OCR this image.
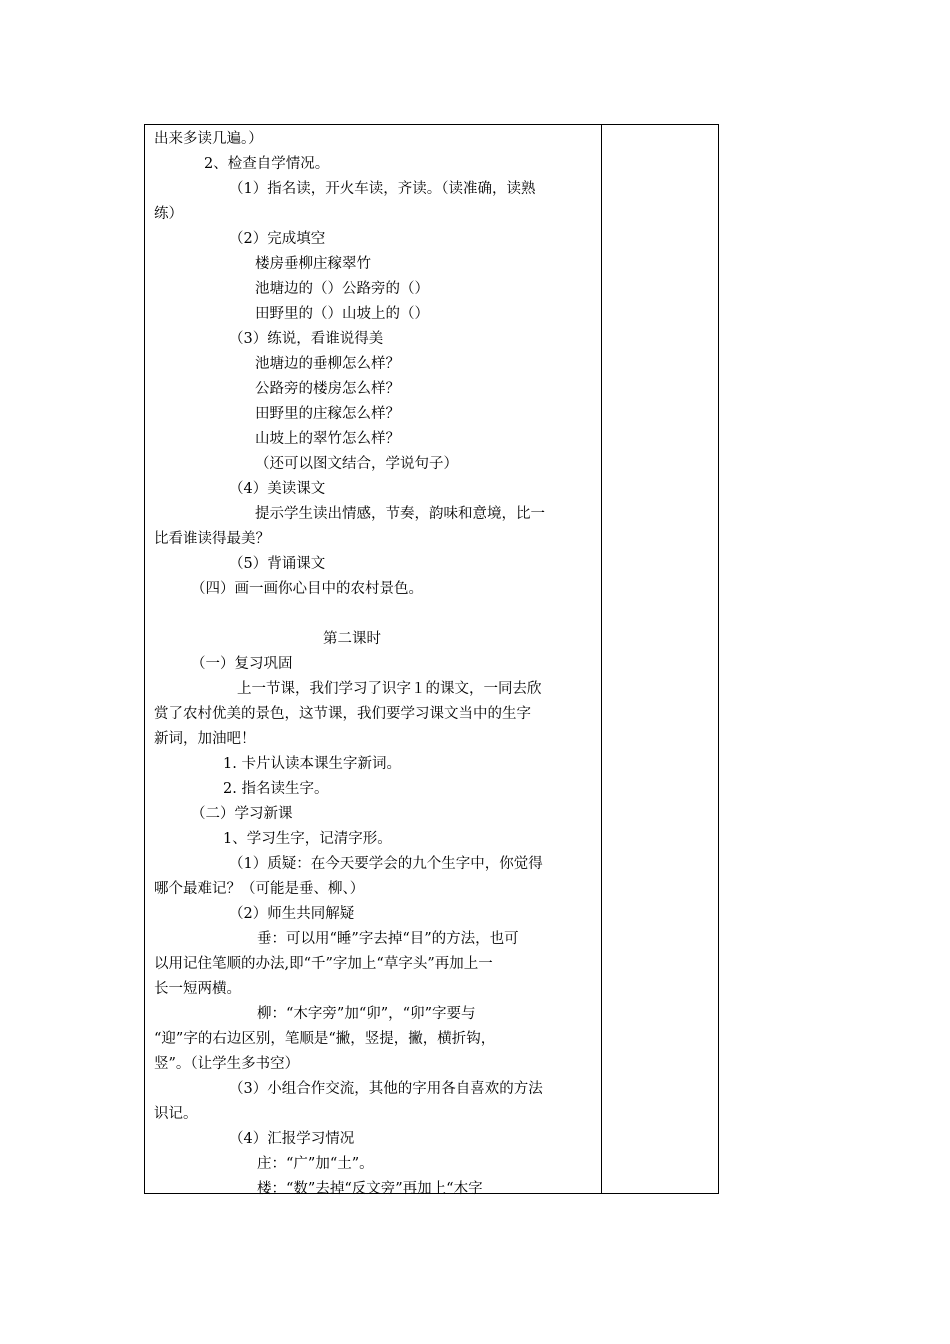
出来多读几遍。）
2、检查自学情况。
（1）指名读，开火车读，齐读。（读准确，读熟
练）
（2）完成填空
楼房垂柳庄稼翠竹
池塘边的（）公路旁的（）
田野里的（）山坡上的（）
（3）练说，看谁说得美
池塘边的垂柳怎么样？
公路旁的楼房怎么样？
田野里的庄稼怎么样？
山坡上的翠竹怎么样？
（还可以图文结合，学说句子）
（4）美读课文
提示学生读出情感，节奏，韵味和意境，比一
比看谁读得最美？
（5）背诵课文
（四）画一画你心目中的农村景色。
第二课时
（一）复习巩固
上一节课，我们学习了识字１的课文，一同去欣
赏了农村优美的景色，这节课，我们要学习课文当中的生字
新词，加油吧！
1. 卡片认读本课生字新词。
2. 指名读生字。
（二）学习新课
1、学习生字，记清字形。
（1）质疑：在今天要学会的九个生字中，你觉得
哪个最难记？（可能是垂、柳、）
（2）师生共同解疑
垂：可以用“睡”字去掉“目”的方法，也可
以用记住笔顺的办法,即“千”字加上“草字头”再加上一
长一短两横。
柳：“木字旁”加“卯”，“卯”字要与
“迎”字的右边区别，笔顺是“撇，竖提，撇，横折钩，
竖”。（让学生多书空）
（3）小组合作交流，其他的字用各自喜欢的方法
识记。
（4）汇报学习情况
庄：“广”加“土”。
楼：“数”去掉“反文旁”再加上“木字
